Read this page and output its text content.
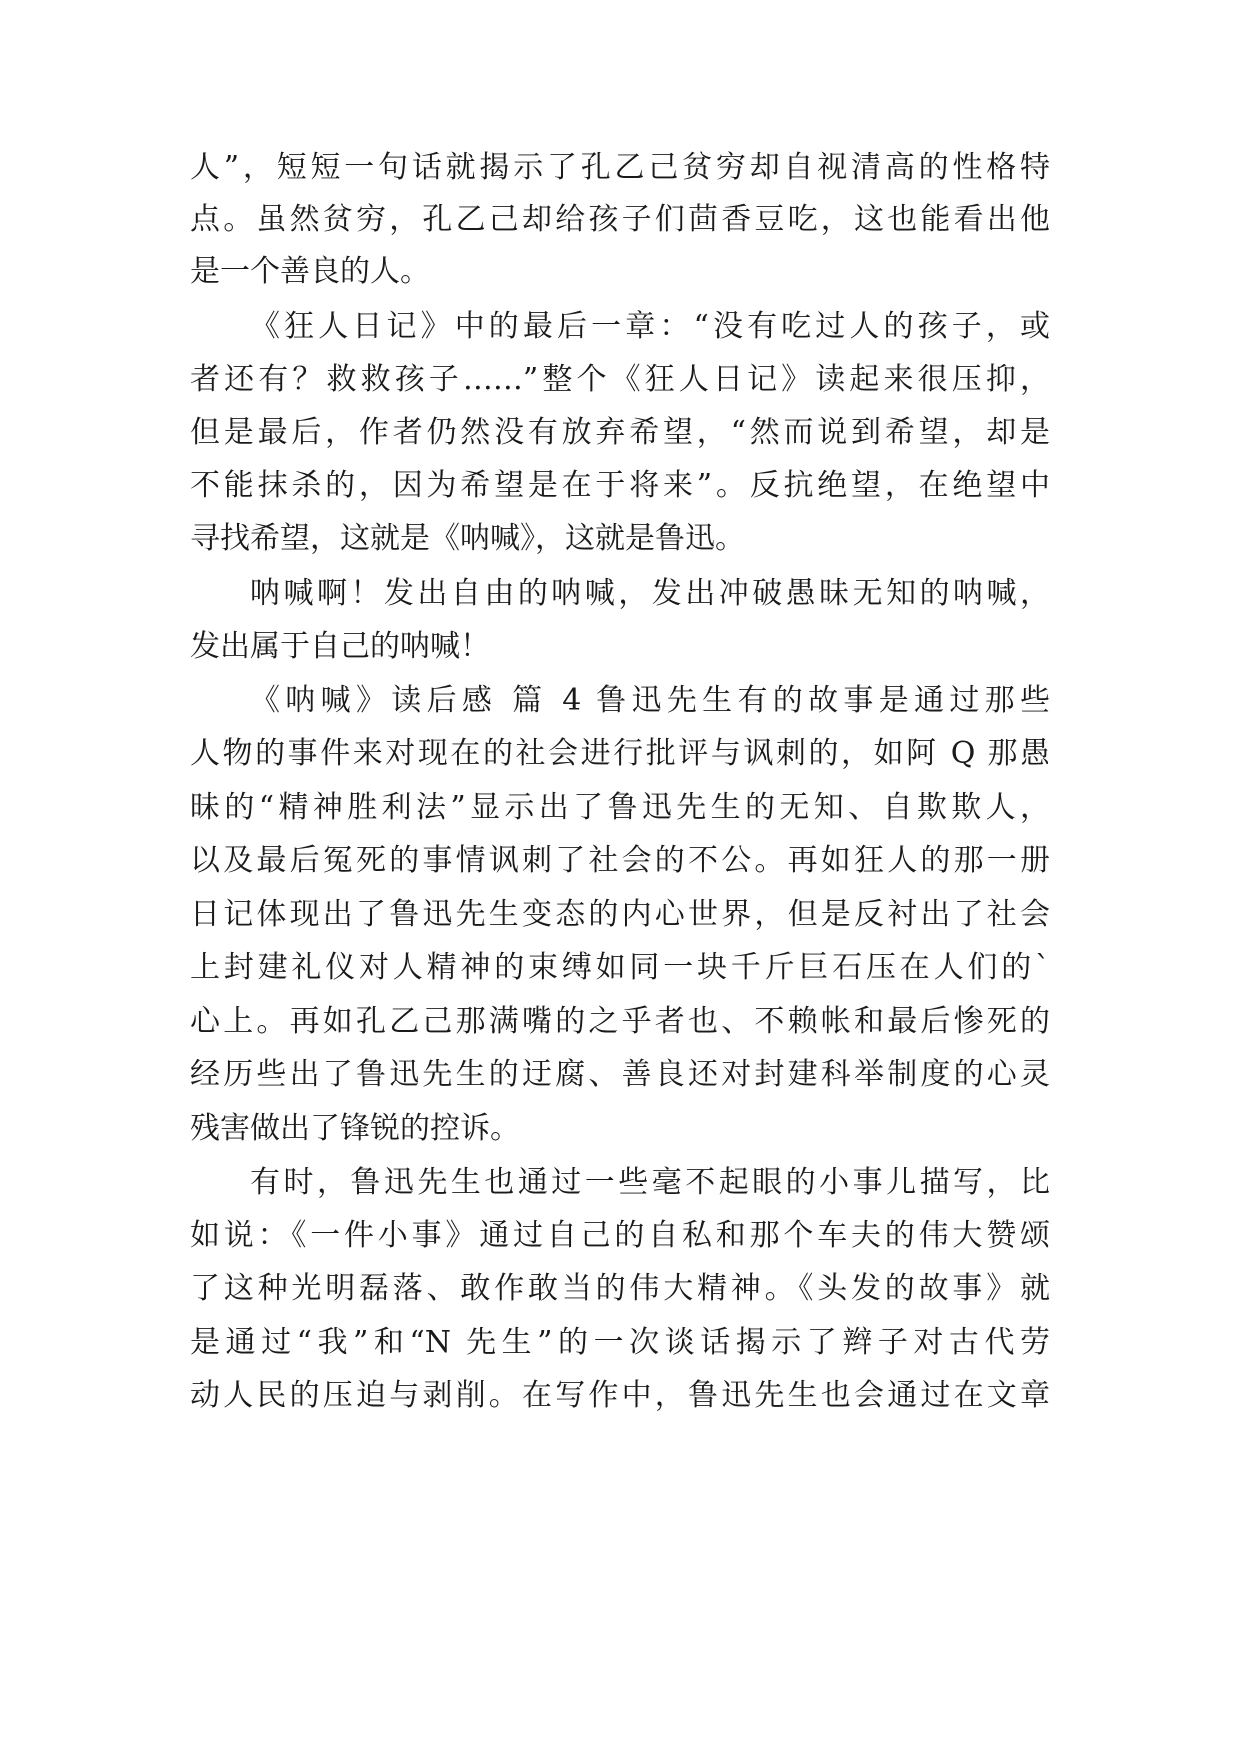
人”，短短一句话就揭示了孔乙己贫穷却自视清高的性格特
点。虽然贫穷，孔乙己却给孩子们茴香豆吃，这也能看出他
是一个善良的人。
《狂人日记》中的最后一章：“没有吃过人的孩子，或
者还有？救救孩子……”整个《狂人日记》读起来很压抑，
但是最后，作者仍然没有放弃希望，“然而说到希望，却是
不能抹杀的，因为希望是在于将来”。反抗绝望，在绝望中
寻找希望，这就是《呐喊》，这就是鲁迅。
呐喊啊！发出自由的呐喊，发出冲破愚昧无知的呐喊，
发出属于自己的呐喊！
《呐喊》读后感 篇 4 鲁迅先生有的故事是通过那些
人物的事件来对现在的社会进行批评与讽刺的，如阿 Q 那愚
昧的“精神胜利法”显示出了鲁迅先生的无知、自欺欺人，
以及最后冤死的事情讽刺了社会的不公。再如狂人的那一册
日记体现出了鲁迅先生变态的内心世界，但是反衬出了社会
上封建礼仪对人精神的束缚如同一块千斤巨石压在人们的`
心上。再如孔乙己那满嘴的之乎者也、不赖帐和最后惨死的
经历些出了鲁迅先生的迂腐、善良还对封建科举制度的心灵
残害做出了锋锐的控诉。
有时，鲁迅先生也通过一些毫不起眼的小事儿描写，比
如说：《一件小事》通过自己的自私和那个车夫的伟大赞颂
了这种光明磊落、敢作敢当的伟大精神。《头发的故事》就
是通过“我”和“N 先生”的一次谈话揭示了辫子对古代劳
动人民的压迫与剥削。在写作中，鲁迅先生也会通过在文章
